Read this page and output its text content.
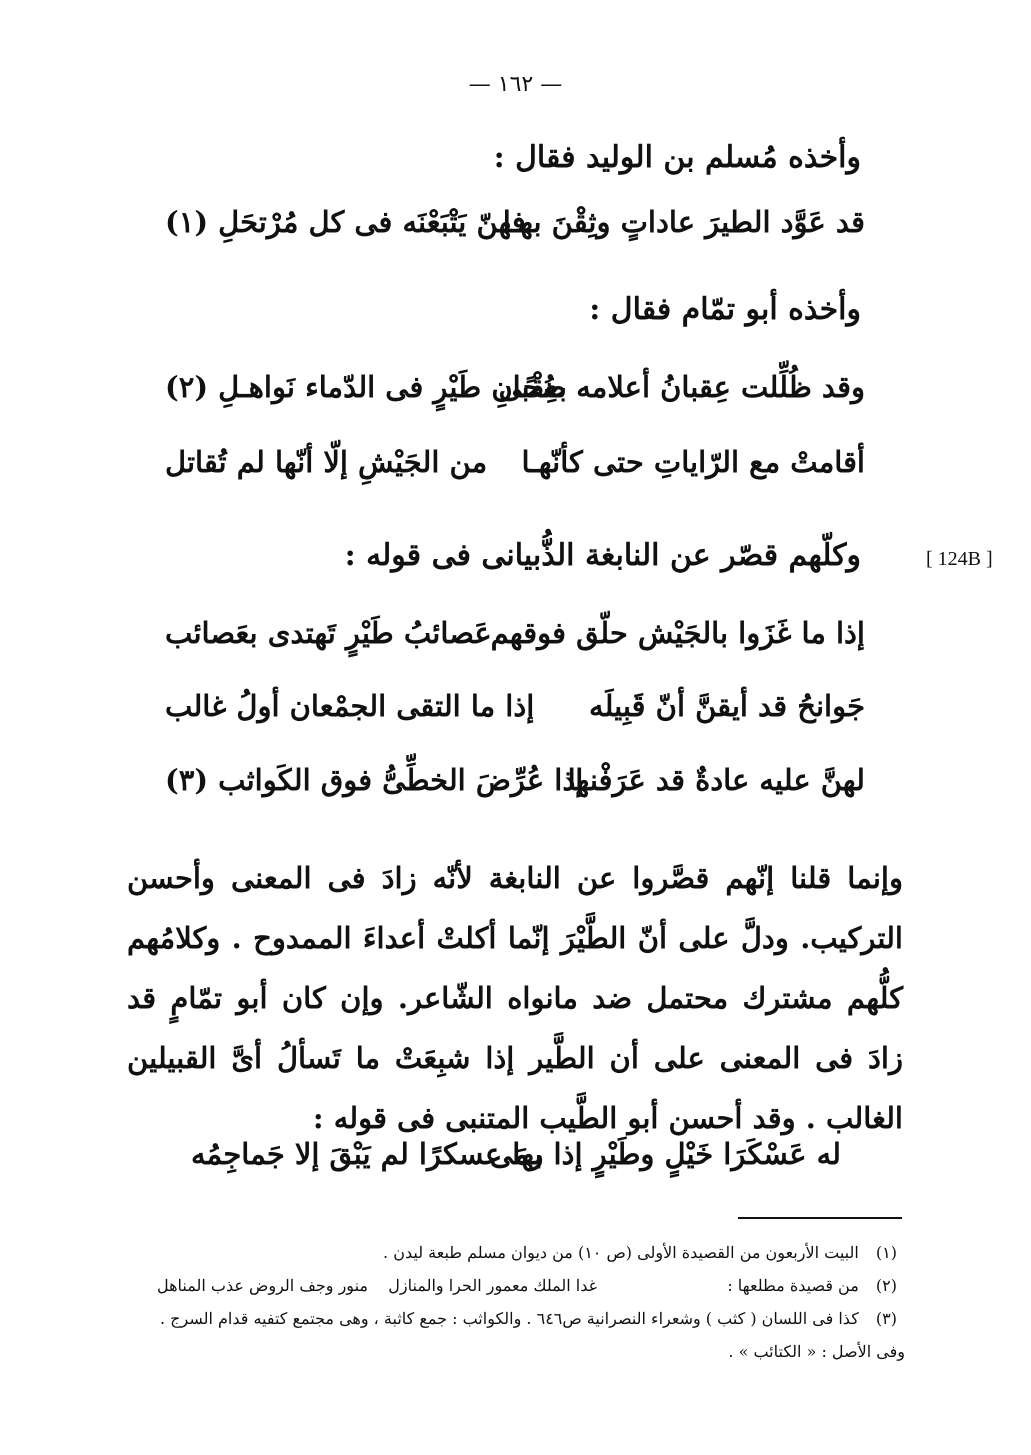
— ١٦٢ —
[ 124B ]
وأخذه مُسلم بن الوليد فقال :
قد عَوَّد الطيرَ عاداتٍ وثِقْنَ بهـا
فهنّ يَتْبَعْنَه فى كل مُرْتحَلِ (١)
وأخذه أبو تمّام فقال :
وقد ظُلِّلت عِقبانُ أعلامه ضُحًى
بعِقْبانِ طَيْرٍ فى الدّماء نَواهـلِ (٢)
أقامتْ مع الرّاياتِ حتى كأنّهـا
من الجَيْشِ إلّا أنّها لم تُقاتل
وكلّهم قصّر عن النابغة الذُّبيانى فى قوله :
إذا ما غَزَوا بالجَيْش حلّق فوقهم
عَصائبُ طَيْرٍ تَهتدى بعَصائب
جَوانحُ قد أيقنَّ أنّ قَبِيلَه
إذا ما التقى الجمْعان أولُ غالب
لهنَّ عليه عادةٌ قد عَرَفْنها
إذا عُرِّضَ الخطِّىُّ فوق الكَواثب (٣)

وإنما قلنا إنّهم قصَّروا عن النابغة لأنّه زادَ فى المعنى وأحسن التركيب. ودلَّ على أنّ الطَّيْرَ إنّما أكلتْ أعداءَ الممدوح . وكلامُهم كلُّهم مشترك محتمل ضد مانواه الشّاعر. وإن كان أبو تمّامٍ قد زادَ فى المعنى على أن الطَّير إذا شبِعَتْ ما تَسألُ أىَّ القبيلين الغالب . وقد أحسن أبو الطَّيب المتنبى فى قوله :

له عَسْكَرَا خَيْلٍ وطَيْرٍ إذا رمَى
بها عسكرًا لم يَبْقَ إلا جَماجِمُه
(١) البيت الأربعون من القصيدة الأولى (ص ١٠) من ديوان مسلم طبعة ليدن .
(٢) من قصيدة مطلعها :
غدا الملك معمور الحرا والمنازل
منور وجف الروض عذب المناهل
(٣) كذا فى اللسان ( كثب ) وشعراء النصرانية ص٦٤٦ . والكواثب : جمع كاثبة ، وهى مجتمع كتفيه قدام السرج .
وفى الأصل : « الكتائب » .
